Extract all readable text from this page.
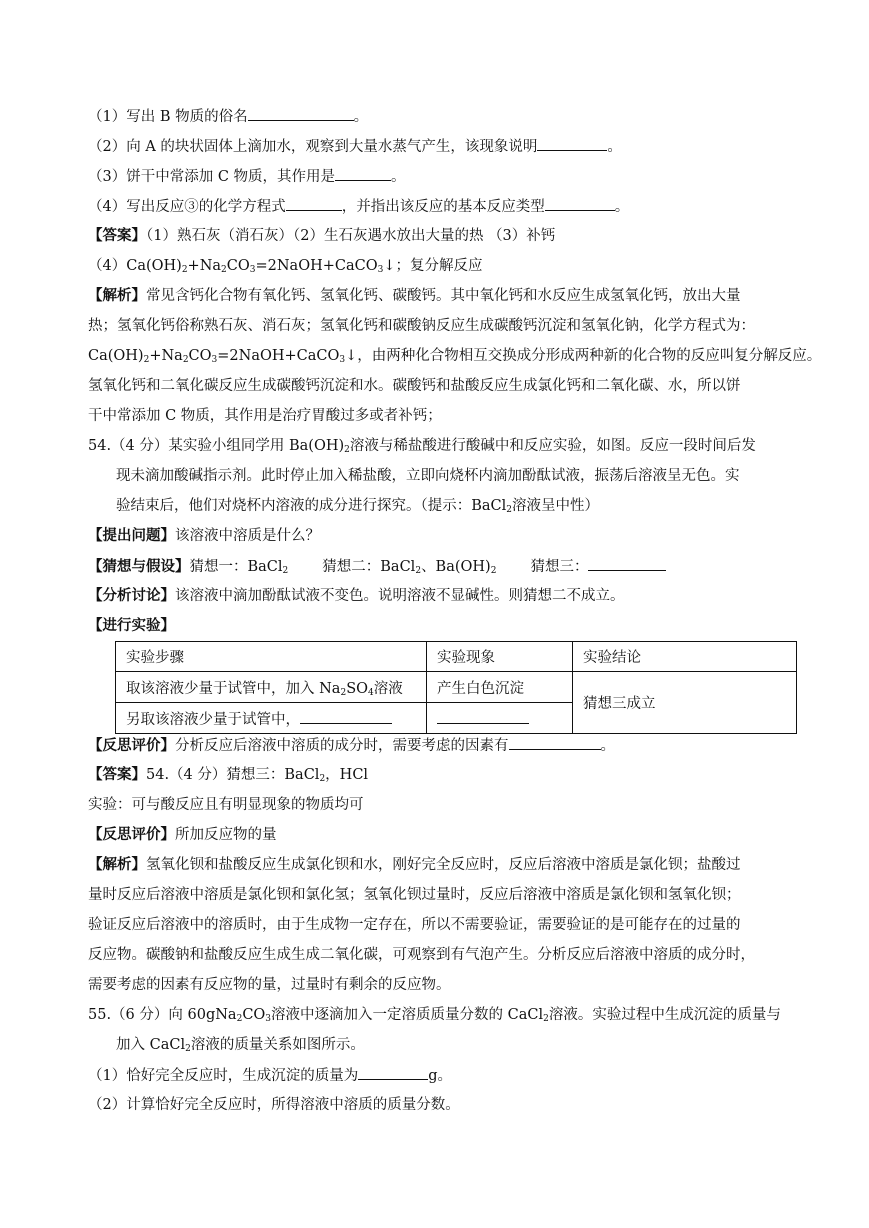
（1）写出 B 物质的俗名	。
（2）向 A 的块状固体上滴加水，观察到大量水蒸气产生，该现象说明	。
（3）饼干中常添加 C 物质，其作用是	。
（4）写出反应③的化学方程式	，并指出该反应的基本反应类型	。
【答案】（1）熟石灰（消石灰）（2）生石灰遇水放出大量的热 （3）补钙
$(4)Ca(OH)_2+Na_2CO_3=2NaOH+CaCO_3↓$；复分解反应
【解析】常见含钙化合物有氧化钙、氢氧化钙、碳酸钙。其中氧化钙和水反应生成氢氧化钙，放出大量
热；氢氧化钙俗称熟石灰、消石灰；氢氧化钙和碳酸钠反应生成碳酸钙沉淀和氢氧化钠，化学方程式为：
$Ca(OH)_2+Na_2CO_3=2NaOH+CaCO_3↓$，由两种化合物相互交换成分形成两种新的化合物的反应叫复分解反应。
氢氧化钙和二氧化碳反应生成碳酸钙沉淀和水。碳酸钙和盐酸反应生成氯化钙和二氧化碳、水，所以饼
干中常添加 C 物质，其作用是治疗胃酸过多或者补钙；
54.（4 分）某实验小组同学用 $Ba(OH)_2$溶液与稀盐酸进行酸碱中和反应实验，如图。反应一段时间后发
现未滴加酸碱指示剂。此时停止加入稀盐酸，立即向烧杯内滴加酚酞试液，振荡后溶液呈无色。实
验结束后，他们对烧杯内溶液的成分进行探究。（提示：BaCl$_2$溶液呈中性）
【提出问题】该溶液中溶质是什么？
【猜想与假设】猜想一：BaCl$_2$ 猜想二：BaCl$_2$、$Ba(OH)_2$ 猜想三：
【分析讨论】该溶液中滴加酚酞试液不变色。说明溶液不显碱性。则猜想二不成立。
【进行实验】
实验步骤	实验现象	实验结论
取该溶液少量于试管中，加入 $Na_2SO_4$溶液	产生白色沉淀	猜想三成立
另取该溶液少量于试管中，		
【反思评价】分析反应后溶液中溶质的成分时，需要考虑的因素有	。
【答案】54.（4 分）猜想三：BaCl$_2$，HCl
实验：可与酸反应且有明显现象的物质均可
【反思评价】所加反应物的量
【解析】氢氧化钡和盐酸反应生成氯化钡和水，刚好完全反应时，反应后溶液中溶质是氯化钡；盐酸过
量时反应后溶液中溶质是氯化钡和氯化氢；氢氧化钡过量时，反应后溶液中溶质是氯化钡和氢氧化钡；
验证反应后溶液中的溶质时，由于生成物一定存在，所以不需要验证，需要验证的是可能存在的过量的
反应物。碳酸钠和盐酸反应生成生成二氧化碳，可观察到有气泡产生。分析反应后溶液中溶质的成分时，
需要考虑的因素有反应物的量，过量时有剩余的反应物。
55.（6 分）向 $60gNa_2CO_3$溶液中逐滴加入一定溶质质量分数的 CaCl$_2$溶液。实验过程中生成沉淀的质量与
加入 CaCl$_2$溶液的质量关系如图所示。
（1）恰好完全反应时，生成沉淀的质量为	g。
（2）计算恰好完全反应时，所得溶液中溶质的质量分数。
